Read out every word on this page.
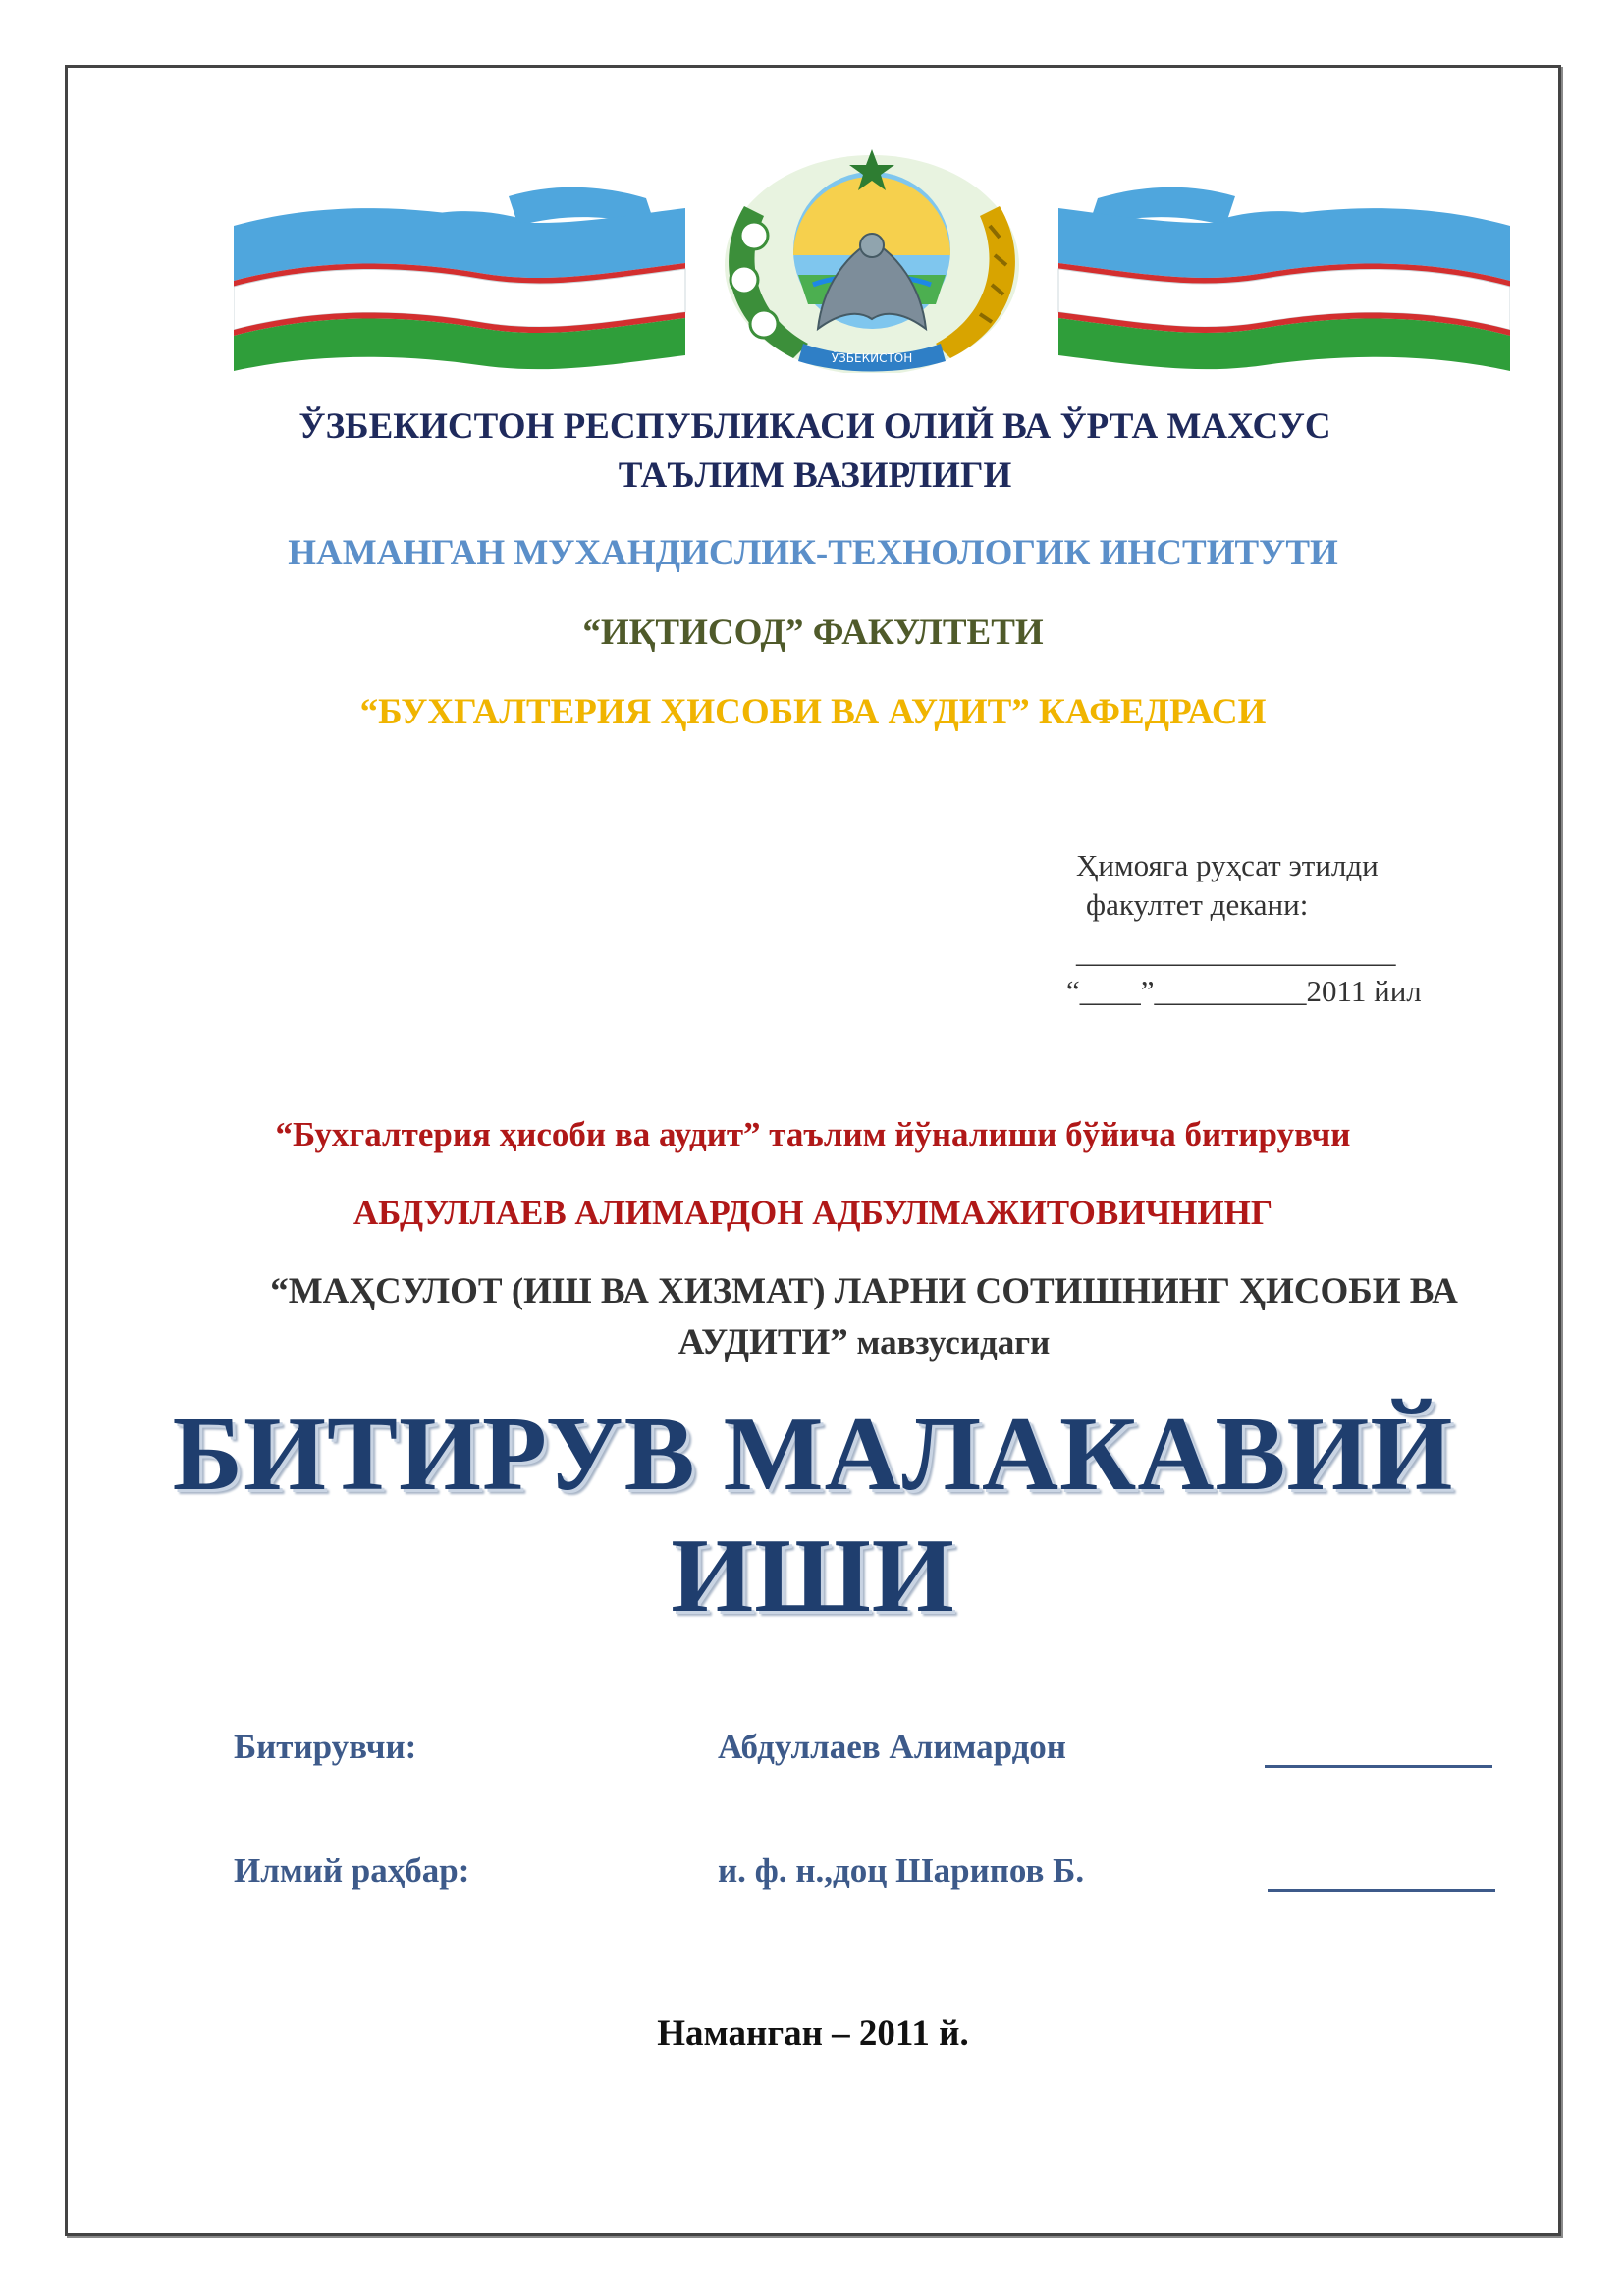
ЎЗБЕКИСТОН

ЎЗБЕКИСТОН РЕСПУБЛИКАСИ ОЛИЙ ВА ЎРТА МАХСУС ТАЪЛИМ ВАЗИРЛИГИ

НАМАНГАН МУХАНДИСЛИК-ТЕХНОЛОГИК ИНСТИТУТИ

“ИҚТИСОД” ФАКУЛТЕТИ

“БУХГАЛТЕРИЯ ҲИСОБИ ВА АУДИТ” КАФЕДРАСИ

Ҳимояга руҳсат этилди
факултет декани:
_____________________
“____”__________2011 йил

“Бухгалтерия ҳисоби ва аудит” таълим йўналиши бўйича битирувчи

АБДУЛЛАЕВ АЛИМАРДОН АДБУЛМАЖИТОВИЧНИНГ

“МАҲСУЛОТ (ИШ ВА ХИЗМАТ) ЛАРНИ СОТИШНИНГ ҲИСОБИ ВА
АУДИТИ” мавзусидаги

БИТИРУВ МАЛАКАВИЙ
ИШИ
Битирувчи:	Абдуллаев Алимардон
Илмий раҳбар:	и. ф. н.,доц Шарипов Б.

Наманган – 2011 й.
